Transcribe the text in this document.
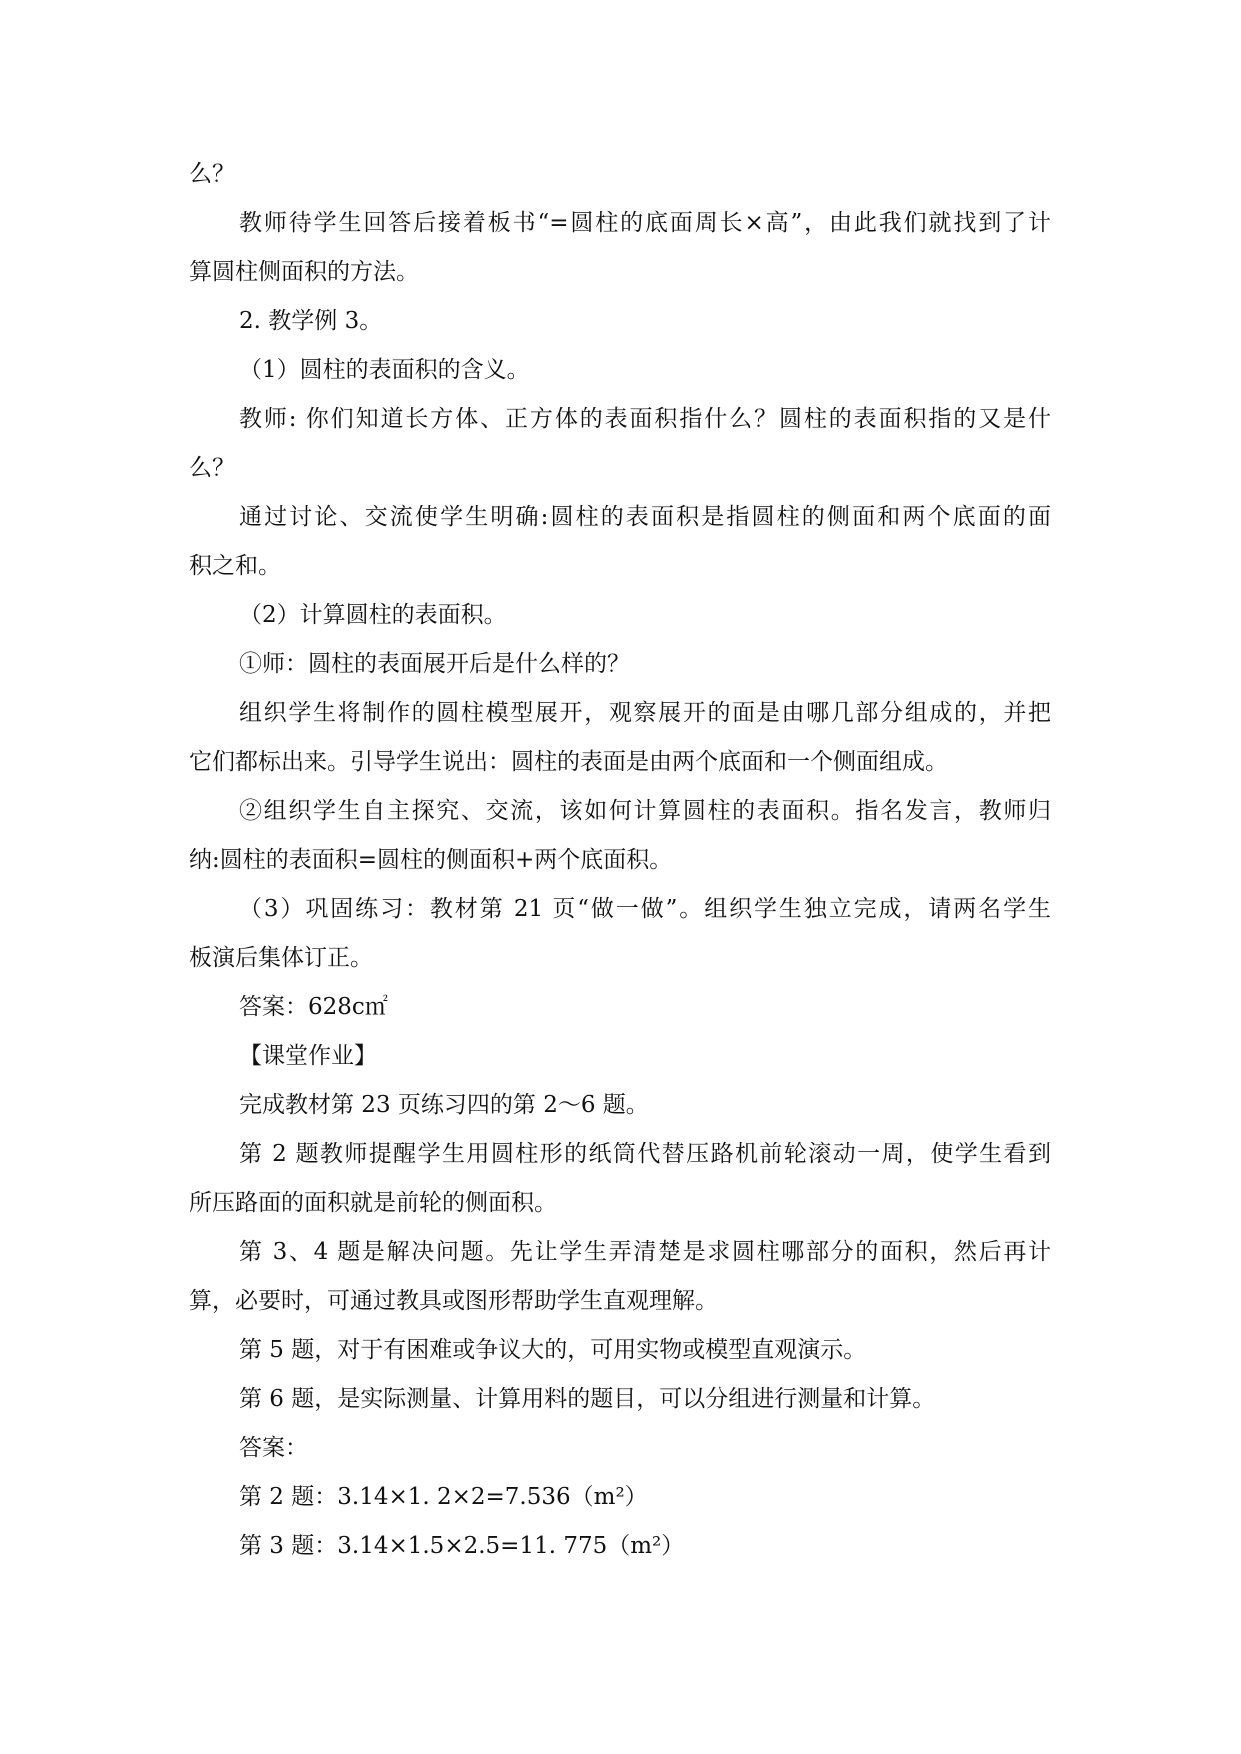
么？
教师待学生回答后接着板书“=圆柱的底面周长×高”，由此我们就找到了计
算圆柱侧面积的方法。
2. 教学例 3。
（1）圆柱的表面积的含义。
教师: 你们知道长方体、正方体的表面积指什么？圆柱的表面积指的又是什
么？
通过讨论、交流使学生明确:圆柱的表面积是指圆柱的侧面和两个底面的面
积之和。
（2）计算圆柱的表面积。
①师：圆柱的表面展开后是什么样的？
组织学生将制作的圆柱模型展开，观察展开的面是由哪几部分组成的，并把
它们都标出来。引导学生说出：圆柱的表面是由两个底面和一个侧面组成。
②组织学生自主探究、交流，该如何计算圆柱的表面积。指名发言，教师归
纳:圆柱的表面积=圆柱的侧面积+两个底面积。
（3）巩固练习：教材第 21 页“做一做”。组织学生独立完成，请两名学生
板演后集体订正。
答案：628c㎡
【课堂作业】
完成教材第 23 页练习四的第 2～6 题。
第 2 题教师提醒学生用圆柱形的纸筒代替压路机前轮滚动一周，使学生看到
所压路面的面积就是前轮的侧面积。
第 3、4 题是解决问题。先让学生弄清楚是求圆柱哪部分的面积，然后再计
算，必要时，可通过教具或图形帮助学生直观理解。
第 5 题，对于有困难或争议大的，可用实物或模型直观演示。
第 6 题，是实际测量、计算用料的题目，可以分组进行测量和计算。
答案：
第 2 题：3.14×1. 2×2=7.536（m²）
第 3 题：3.14×1.5×2.5=11. 775（m²）
